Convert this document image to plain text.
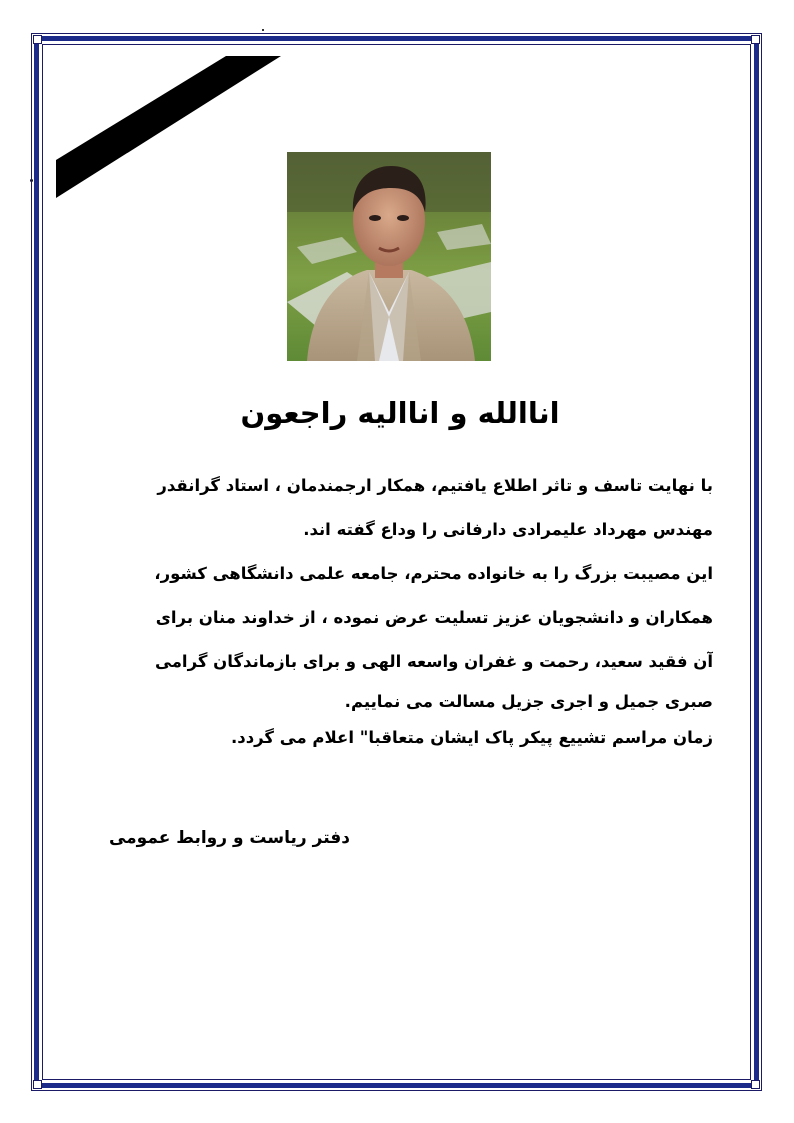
اناالله و اناالیه راجعون
با نهایت تاسف و تاثر اطلاع یافتیم، همکار ارجمندمان ، استاد گرانقدر
مهندس مهرداد علیمرادی دارفانی را وداع گفته اند.
این مصیبت بزرگ را به خانواده محترم، جامعه علمی دانشگاهی کشور،
همکاران و دانشجویان عزیز تسلیت عرض نموده ، از خداوند منان برای
آن فقید سعید، رحمت و غفران واسعه الهی و برای بازماندگان گرامی
صبری جمیل و اجری جزیل مسالت می نماییم.
زمان مراسم تشییع پیکر پاک ایشان متعاقبا" اعلام می گردد.
دفتر ریاست و روابط عمومی
